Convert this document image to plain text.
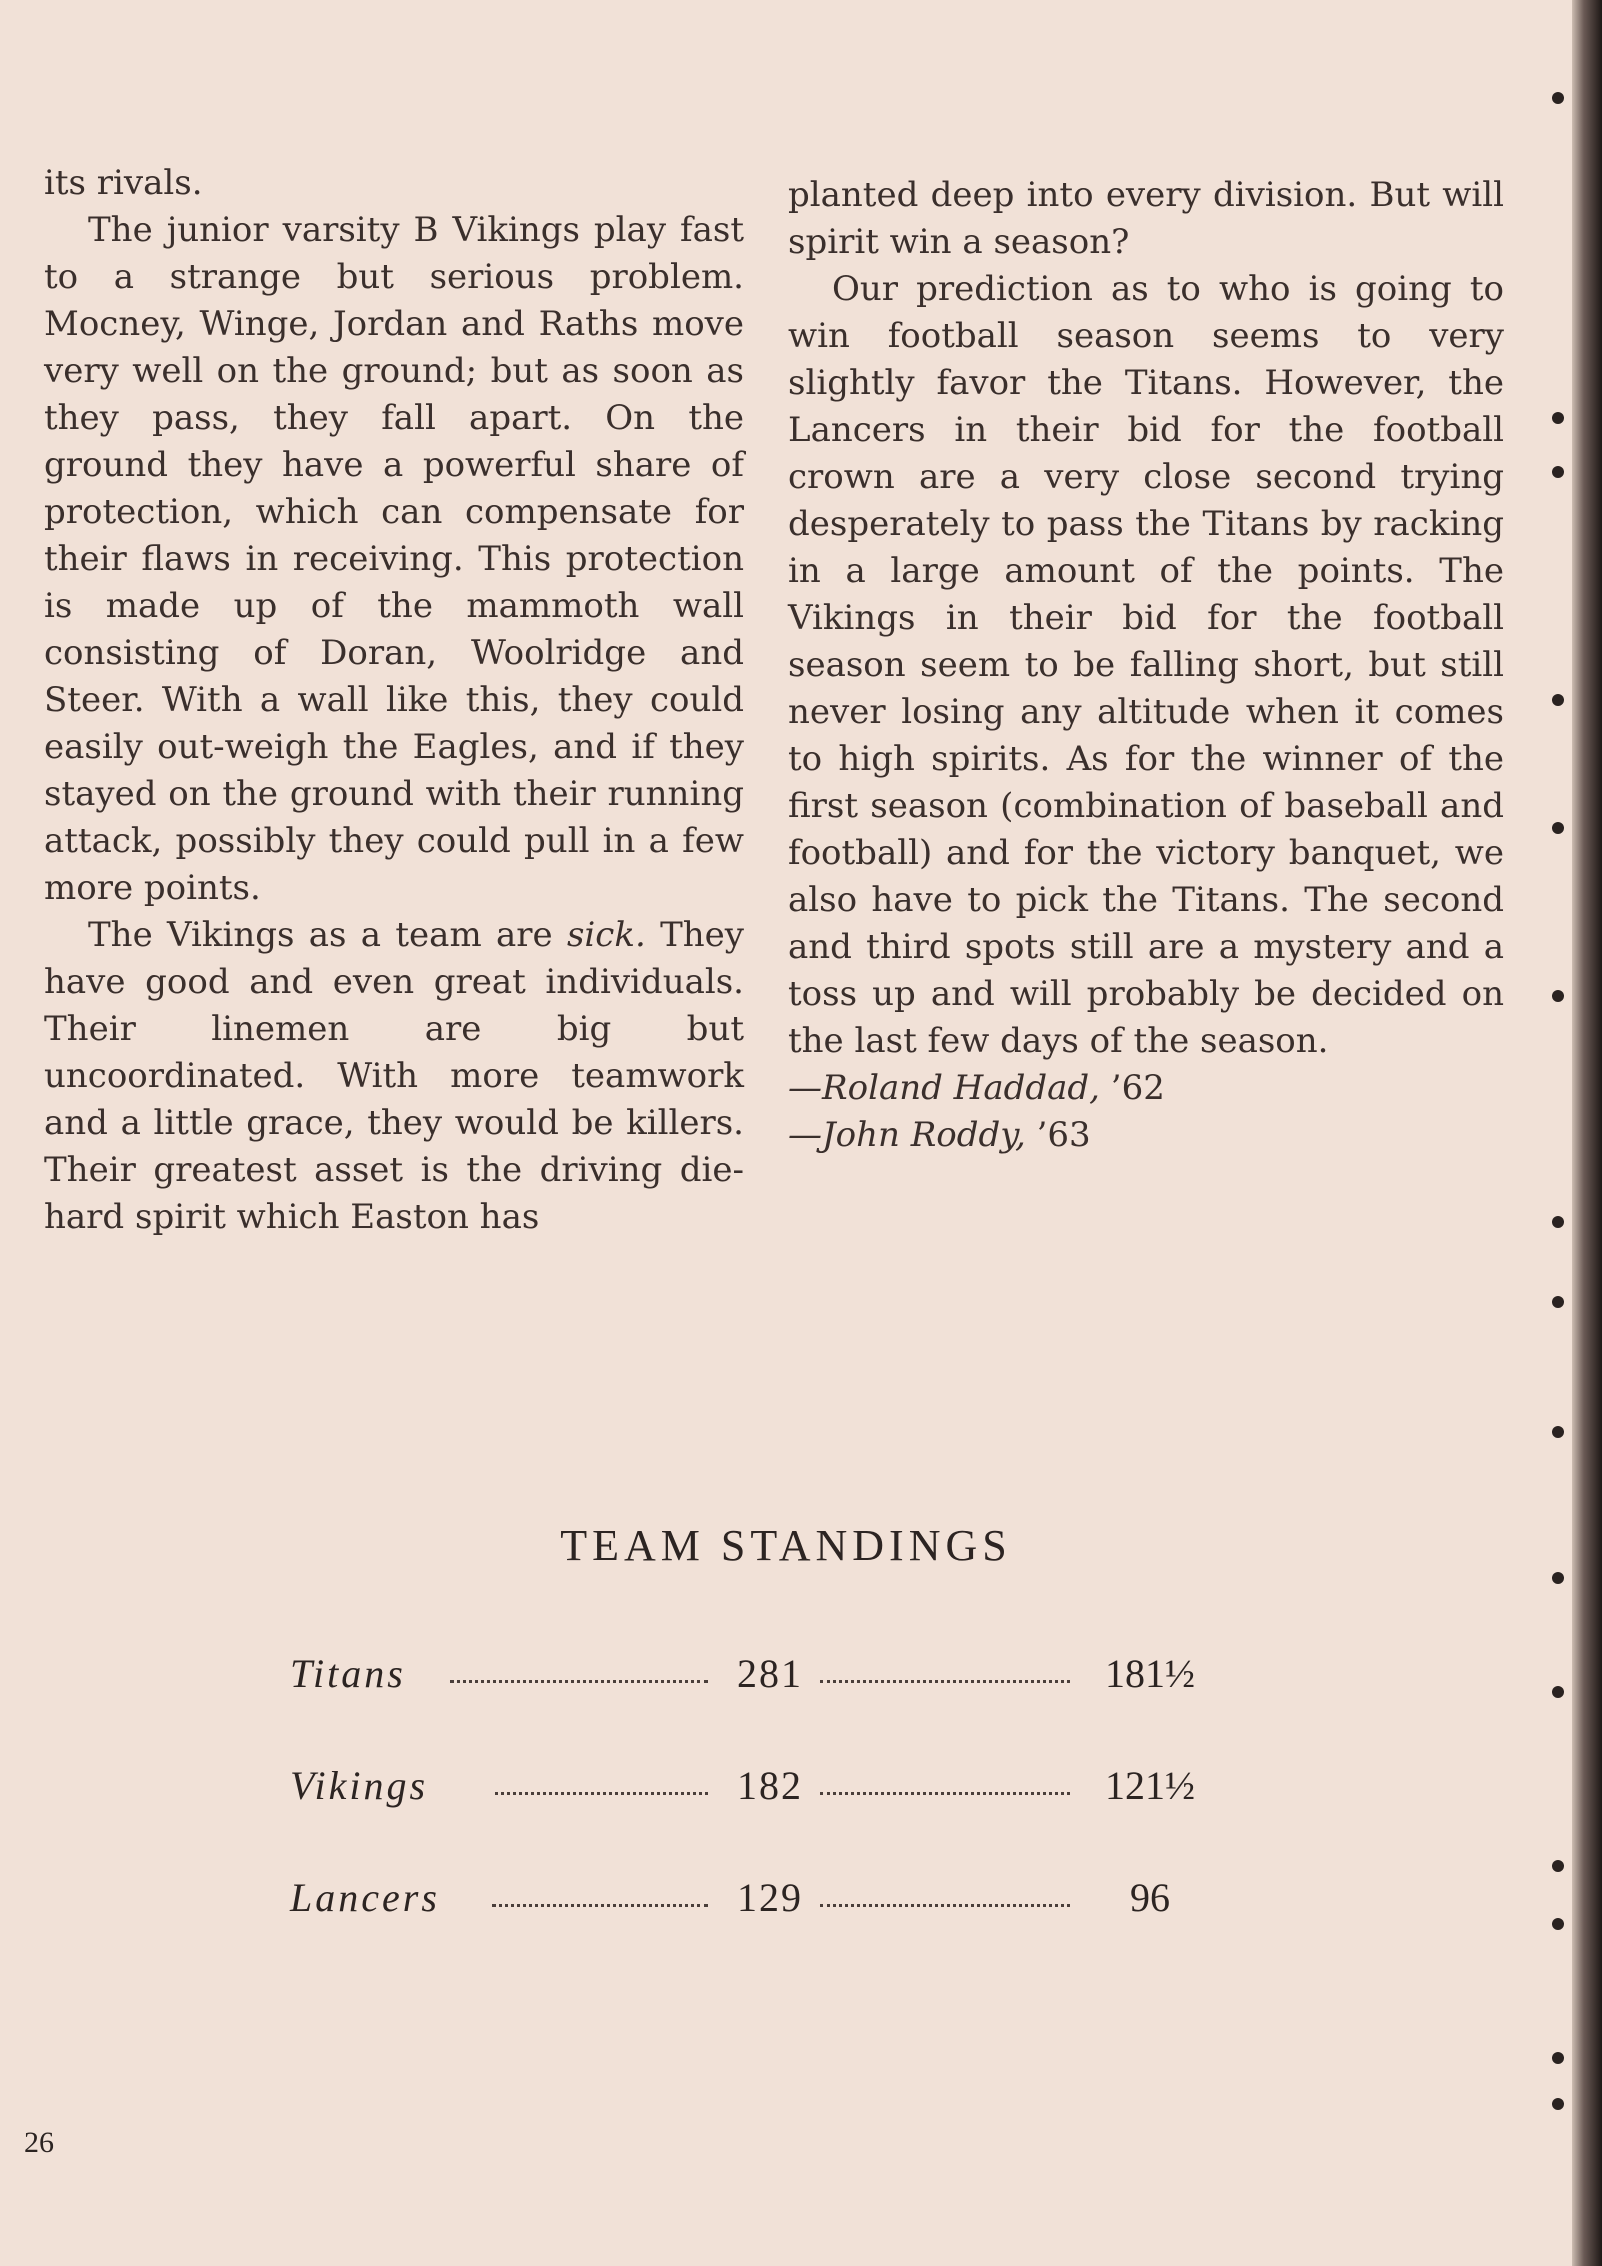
its rivals.

The junior varsity B Vikings play fast to a strange but serious problem. Mocney, Winge, Jordan and Raths move very well on the ground; but as soon as they pass, they fall apart. On the ground they have a powerful share of protection, which can compensate for their flaws in receiving. This protection is made up of the mammoth wall consisting of Doran, Woolridge and Steer. With a wall like this, they could easily out-weigh the Eagles, and if they stayed on the ground with their running attack, possibly they could pull in a few more points.

The Vikings as a team are sick. They have good and even great individuals. Their linemen are big but uncoordinated. With more teamwork and a little grace, they would be killers. Their greatest asset is the driving die-hard spirit which Easton has

planted deep into every division. But will spirit win a season?

Our prediction as to who is going to win football season seems to very slightly favor the Titans. However, the Lancers in their bid for the football crown are a very close second trying desperately to pass the Titans by racking in a large amount of the points. The Vikings in their bid for the football season seem to be falling short, but still never losing any altitude when it comes to high spirits. As for the winner of the first season (combination of baseball and football) and for the victory banquet, we also have to pick the Titans. The second and third spots still are a mystery and a toss up and will probably be decided on the last few days of the season.

—Roland Haddad, ’62

—John Roddy, ’63

TEAM STANDINGS
Titans	281	181½
Vikings	182	121½
Lancers	129	96
26
